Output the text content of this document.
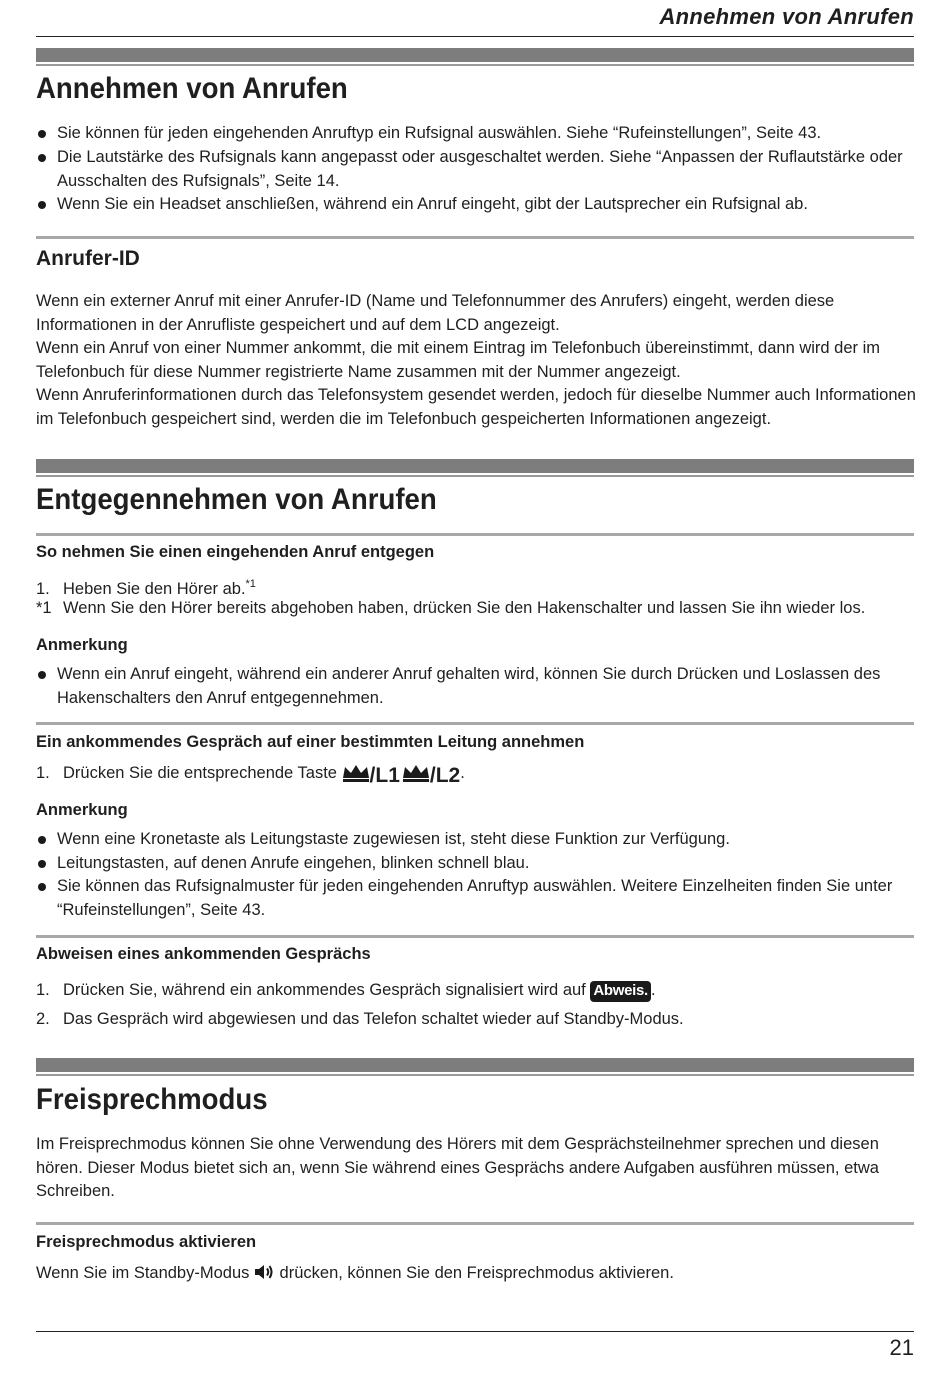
Annehmen von Anrufen
Annehmen von Anrufen
Sie können für jeden eingehenden Anruftyp ein Rufsignal auswählen. Siehe “Rufeinstellungen”, Seite 43.
Die Lautstärke des Rufsignals kann angepasst oder ausgeschaltet werden. Siehe “Anpassen der Ruflautstärke oder Ausschalten des Rufsignals”, Seite 14.
Wenn Sie ein Headset anschließen, während ein Anruf eingeht, gibt der Lautsprecher ein Rufsignal ab.
Anrufer-ID
Wenn ein externer Anruf mit einer Anrufer-ID (Name und Telefonnummer des Anrufers) eingeht, werden diese Informationen in der Anrufliste gespeichert und auf dem LCD angezeigt.
Wenn ein Anruf von einer Nummer ankommt, die mit einem Eintrag im Telefonbuch übereinstimmt, dann wird der im Telefonbuch für diese Nummer registrierte Name zusammen mit der Nummer angezeigt.
Wenn Anruferinformationen durch das Telefonsystem gesendet werden, jedoch für dieselbe Nummer auch Informationen im Telefonbuch gespeichert sind, werden die im Telefonbuch gespeicherten Informationen angezeigt.
Entgegennehmen von Anrufen
So nehmen Sie einen eingehenden Anruf entgegen
1. Heben Sie den Hörer ab.$^{*1}$
*1 Wenn Sie den Hörer bereits abgehoben haben, drücken Sie den Hakenschalter und lassen Sie ihn wieder los.
Anmerkung
Wenn ein Anruf eingeht, während ein anderer Anruf gehalten wird, können Sie durch Drücken und Loslassen des Hakenschalters den Anruf entgegennehmen.
Ein ankommendes Gespräch auf einer bestimmten Leitung annehmen
1. Drücken Sie die entsprechende Taste /L1 /L2.
Anmerkung
Wenn eine Kronetaste als Leitungstaste zugewiesen ist, steht diese Funktion zur Verfügung.
Leitungstasten, auf denen Anrufe eingehen, blinken schnell blau.
Sie können das Rufsignalmuster für jeden eingehenden Anruftyp auswählen. Weitere Einzelheiten finden Sie unter “Rufeinstellungen”, Seite 43.
Abweisen eines ankommenden Gesprächs
1. Drücken Sie, während ein ankommendes Gespräch signalisiert wird auf Abweis. .
2. Das Gespräch wird abgewiesen und das Telefon schaltet wieder auf Standby-Modus.
Freisprechmodus
Im Freisprechmodus können Sie ohne Verwendung des Hörers mit dem Gesprächsteilnehmer sprechen und diesen hören. Dieser Modus bietet sich an, wenn Sie während eines Gesprächs andere Aufgaben ausführen müssen, etwa Schreiben.
Freisprechmodus aktivieren
Wenn Sie im Standby-Modus  drücken, können Sie den Freisprechmodus aktivieren.
21
